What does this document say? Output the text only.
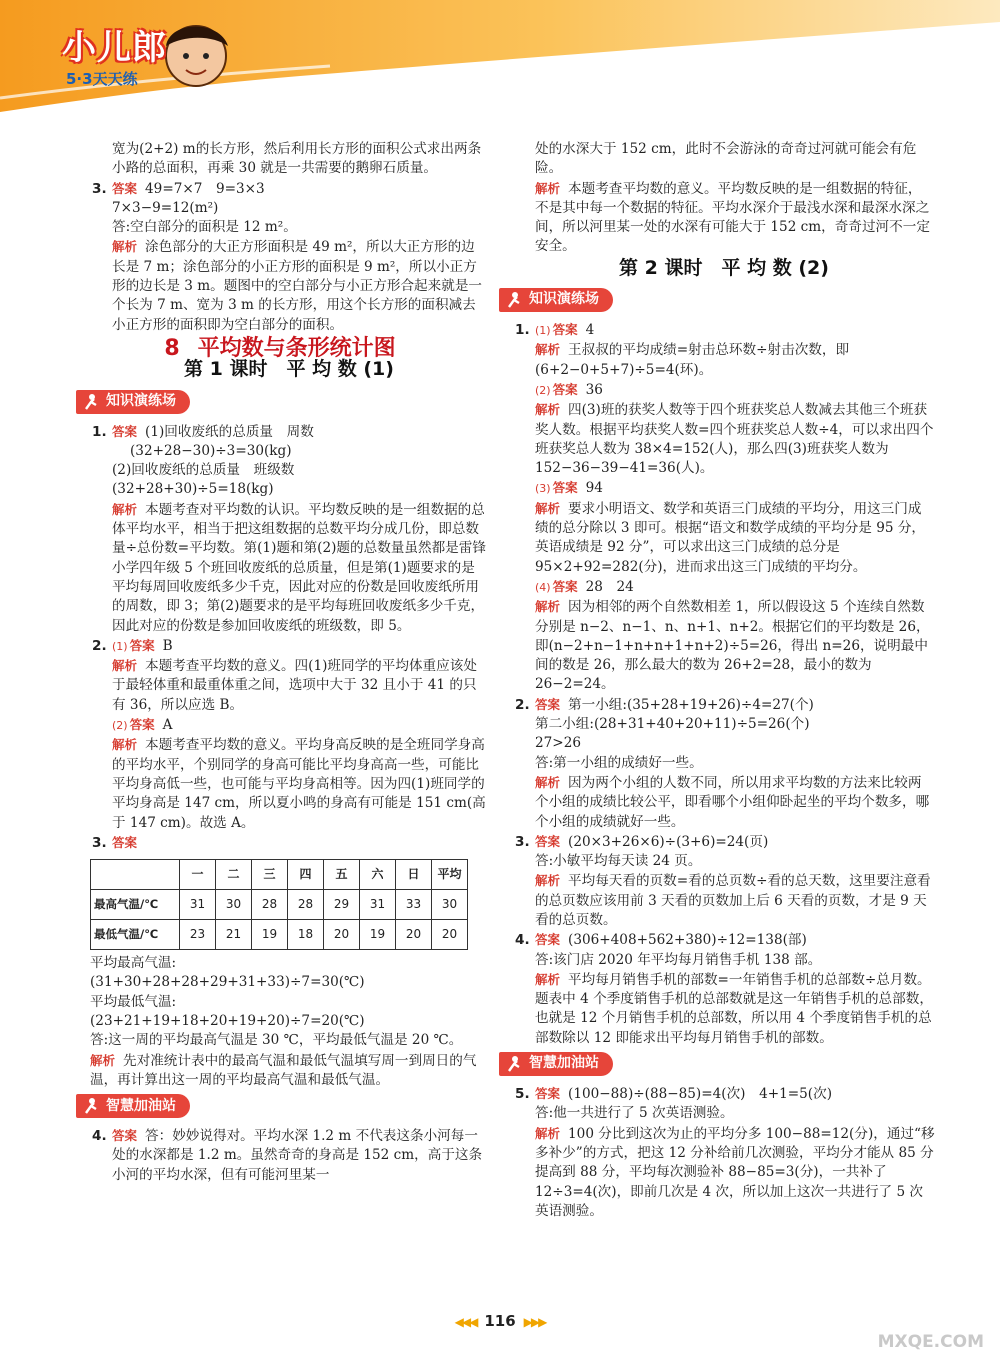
小儿郎
5·3天天练

宽为(2+2) m的长方形，然后利用长方形的面积公式求出两条小路的总面积，再乘 30 就是一共需要的鹅卵石质量。

3. 答案 49=7×7　9=3×3

7×3−9=12(m²)

答:空白部分的面积是 12 m²。

解析 涂色部分的大正方形面积是 49 m²，所以大正方形的边长是 7 m；涂色部分的小正方形的面积是 9 m²，所以小正方形的边长是 3 m。题图中的空白部分与小正方形合起来就是一个长为 7 m、宽为 3 m 的长方形，用这个长方形的面积减去小正方形的面积即为空白部分的面积。

8 平均数与条形统计图
第 1 课时　平 均 数 (1)
知识演练场

1. 答案 (1)回收废纸的总质量　周数

(32+28−30)÷3=30(kg)

(2)回收废纸的总质量　班级数

(32+28+30)÷5=18(kg)

解析 本题考查对平均数的认识。平均数反映的是一组数据的总体平均水平，相当于把这组数据的总数平均分成几份，即总数量÷总份数=平均数。第(1)题和第(2)题的总数量虽然都是雷锋小学四年级 5 个班回收废纸的总质量，但是第(1)题要求的是平均每周回收废纸多少千克，因此对应的份数是回收废纸所用的周数，即 3；第(2)题要求的是平均每班回收废纸多少千克，因此对应的份数是参加回收废纸的班级数，即 5。

2. (1) 答案 B

解析 本题考查平均数的意义。四(1)班同学的平均体重应该处于最轻体重和最重体重之间，选项中大于 32 且小于 41 的只有 36，所以应选 B。

(2) 答案 A

解析 本题考查平均数的意义。平均身高反映的是全班同学身高的平均水平，个别同学的身高可能比平均身高高一些，可能比平均身高低一些，也可能与平均身高相等。因为四(1)班同学的平均身高是 147 cm，所以夏小鸣的身高有可能是 151 cm(高于 147 cm)。故选 A。

3. 答案

	一	二	三	四	五	六	日	平均
最高气温/℃	31	30	28	28	29	31	33	30
最低气温/℃	23	21	19	18	20	19	20	20

平均最高气温:

(31+30+28+28+29+31+33)÷7=30(℃)

平均最低气温:

(23+21+19+18+20+19+20)÷7=20(℃)

答:这一周的平均最高气温是 30 ℃，平均最低气温是 20 ℃。

解析 先对准统计表中的最高气温和最低气温填写周一到周日的气温，再计算出这一周的平均最高气温和最低气温。

智慧加油站

4. 答案 答：妙妙说得对。平均水深 1.2 m 不代表这条小河每一处的水深都是 1.2 m。虽然奇奇的身高是 152 cm，高于这条小河的平均水深，但有可能河里某一

处的水深大于 152 cm，此时不会游泳的奇奇过河就可能会有危险。

解析 本题考查平均数的意义。平均数反映的是一组数据的特征，不是其中每一个数据的特征。平均水深介于最浅水深和最深水深之间，所以河里某一处的水深有可能大于 152 cm，奇奇过河不一定安全。

第 2 课时　平 均 数 (2)
知识演练场

1. (1) 答案 4

解析 王叔叔的平均成绩=射击总环数÷射击次数，即(6+2−0+5+7)÷5=4(环)。

(2) 答案 36

解析 四(3)班的获奖人数等于四个班获奖总人数减去其他三个班获奖人数。根据平均获奖人数=四个班获奖总人数÷4，可以求出四个班获奖总人数为 38×4=152(人)，那么四(3)班获奖人数为 152−36−39−41=36(人)。

(3) 答案 94

解析 要求小明语文、数学和英语三门成绩的平均分，用这三门成绩的总分除以 3 即可。根据“语文和数学成绩的平均分是 95 分，英语成绩是 92 分”，可以求出这三门成绩的总分是 95×2+92=282(分)，进而求出这三门成绩的平均分。

(4) 答案 28　24

解析 因为相邻的两个自然数相差 1，所以假设这 5 个连续自然数分别是 n−2、n−1、n、n+1、n+2。根据它们的平均数是 26，即(n−2+n−1+n+n+1+n+2)÷5=26，得出 n=26，说明最中间的数是 26，那么最大的数为 26+2=28，最小的数为 26−2=24。

2. 答案 第一小组:(35+28+19+26)÷4=27(个)

第二小组:(28+31+40+20+11)÷5=26(个)

27>26

答:第一小组的成绩好一些。

解析 因为两个小组的人数不同，所以用求平均数的方法来比较两个小组的成绩比较公平，即看哪个小组仰卧起坐的平均个数多，哪个小组的成绩就好一些。

3. 答案 (20×3+26×6)÷(3+6)=24(页)

答:小敏平均每天读 24 页。

解析 平均每天看的页数=看的总页数÷看的总天数，这里要注意看的总页数应该用前 3 天看的页数加上后 6 天看的页数，才是 9 天看的总页数。

4. 答案 (306+408+562+380)÷12=138(部)

答:该门店 2020 年平均每月销售手机 138 部。

解析 平均每月销售手机的部数=一年销售手机的总部数÷总月数。题表中 4 个季度销售手机的总部数就是这一年销售手机的总部数，也就是 12 个月销售手机的总部数，所以用 4 个季度销售手机的总部数除以 12 即能求出平均每月销售手机的部数。

智慧加油站

5. 答案 (100−88)÷(88−85)=4(次)　4+1=5(次)

答:他一共进行了 5 次英语测验。

解析 100 分比到这次为止的平均分多 100−88=12(分)，通过“移多补少”的方式，把这 12 分补给前几次测验，平均分才能从 85 分提高到 88 分，平均每次测验补 88−85=3(分)，一共补了 12÷3=4(次)，即前几次是 4 次，所以加上这次一共进行了 5 次英语测验。

◀◀◀ 116 ▶▶▶
MXQE.COM
